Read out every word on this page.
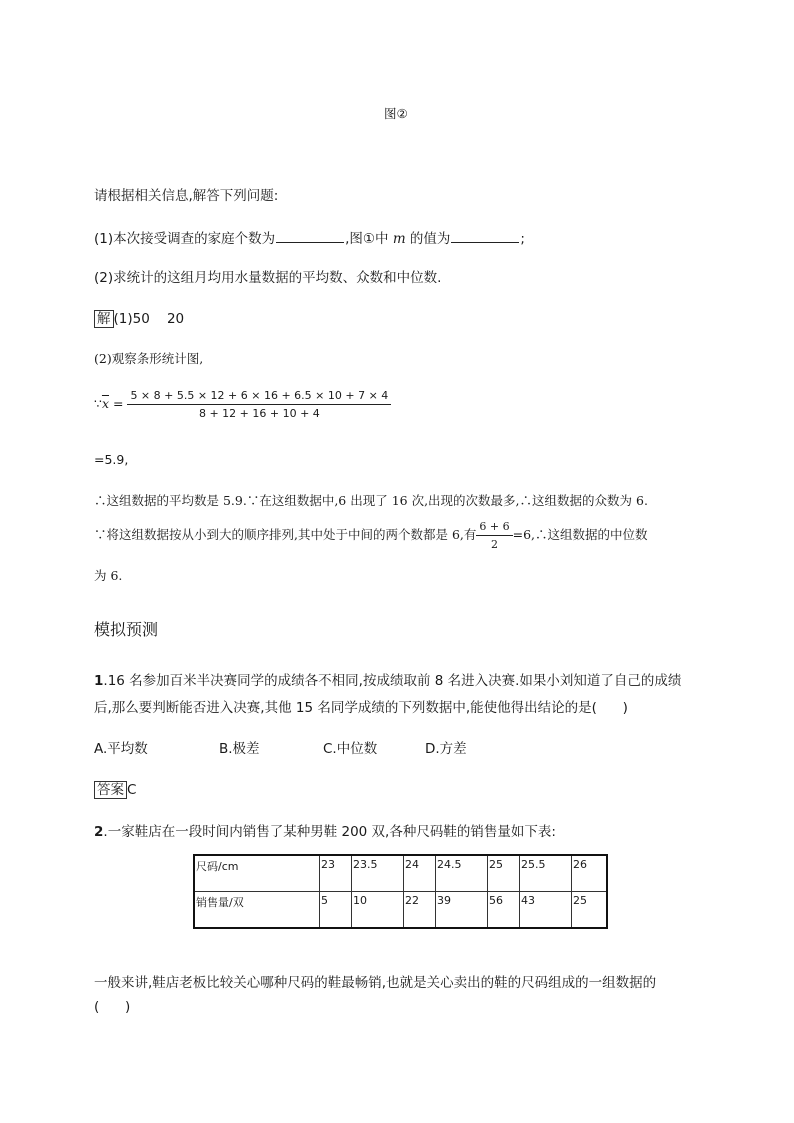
图②
请根据相关信息,解答下列问题:
(1)本次接受调查的家庭个数为	,图①中 m 的值为	;
(2)求统计的这组月均用水量数据的平均数、众数和中位数.
解 (1)50    20
(2)观察条形统计图,
$\because\overline{x} = \frac{5 \times 8 + 5.5 \times 12 + 6 \times 16 + 6.5 \times 10 + 7 \times 4}{8 + 12 + 16 + 10 + 4}$
=5.9,
∴这组数据的平均数是 5.9.∵在这组数据中,6 出现了 16 次,出现的次数最多,∴这组数据的众数为 6.
∵将这组数据按从小到大的顺序排列,其中处于中间的两个数都是 6,有 $\frac{6 + 6}{2}$ =6,∴这组数据的中位数
为 6.
模拟预测
1.16 名参加百米半决赛同学的成绩各不相同,按成绩取前 8 名进入决赛.如果小刘知道了自己的成绩
后,那么要判断能否进入决赛,其他 15 名同学成绩的下列数据中,能使他得出结论的是(      )
A.平均数	B.极差	C.中位数	D.方差
答案 C
2.一家鞋店在一段时间内销售了某种男鞋 200 双,各种尺码鞋的销售量如下表:
尺码/cm	23	23.5	24	24.5	25	25.5	26
销售量/双	5	10	22	39	56	43	25
一般来讲,鞋店老板比较关心哪种尺码的鞋最畅销,也就是关心卖出的鞋的尺码组成的一组数据的
(      )
